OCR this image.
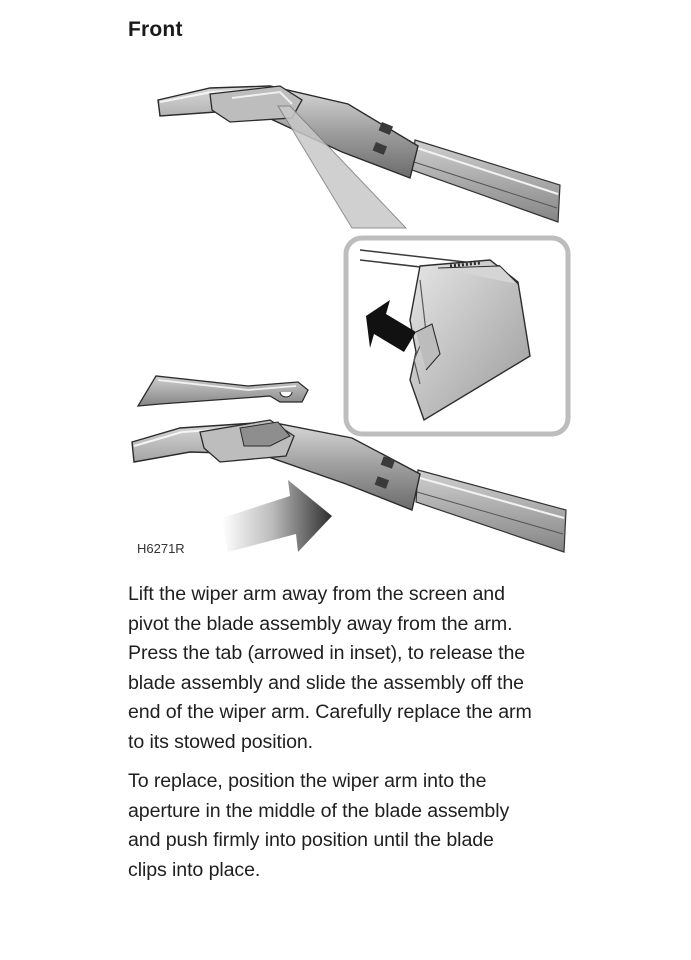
Front
H6271R

Lift the wiper arm away from the screen and
pivot the blade assembly away from the arm.
Press the tab (arrowed in inset), to release the
blade assembly and slide the assembly off the
end of the wiper arm. Carefully replace the arm
to its stowed position.

To replace, position the wiper arm into the
aperture in the middle of the blade assembly
and push firmly into position until the blade
clips into place.
